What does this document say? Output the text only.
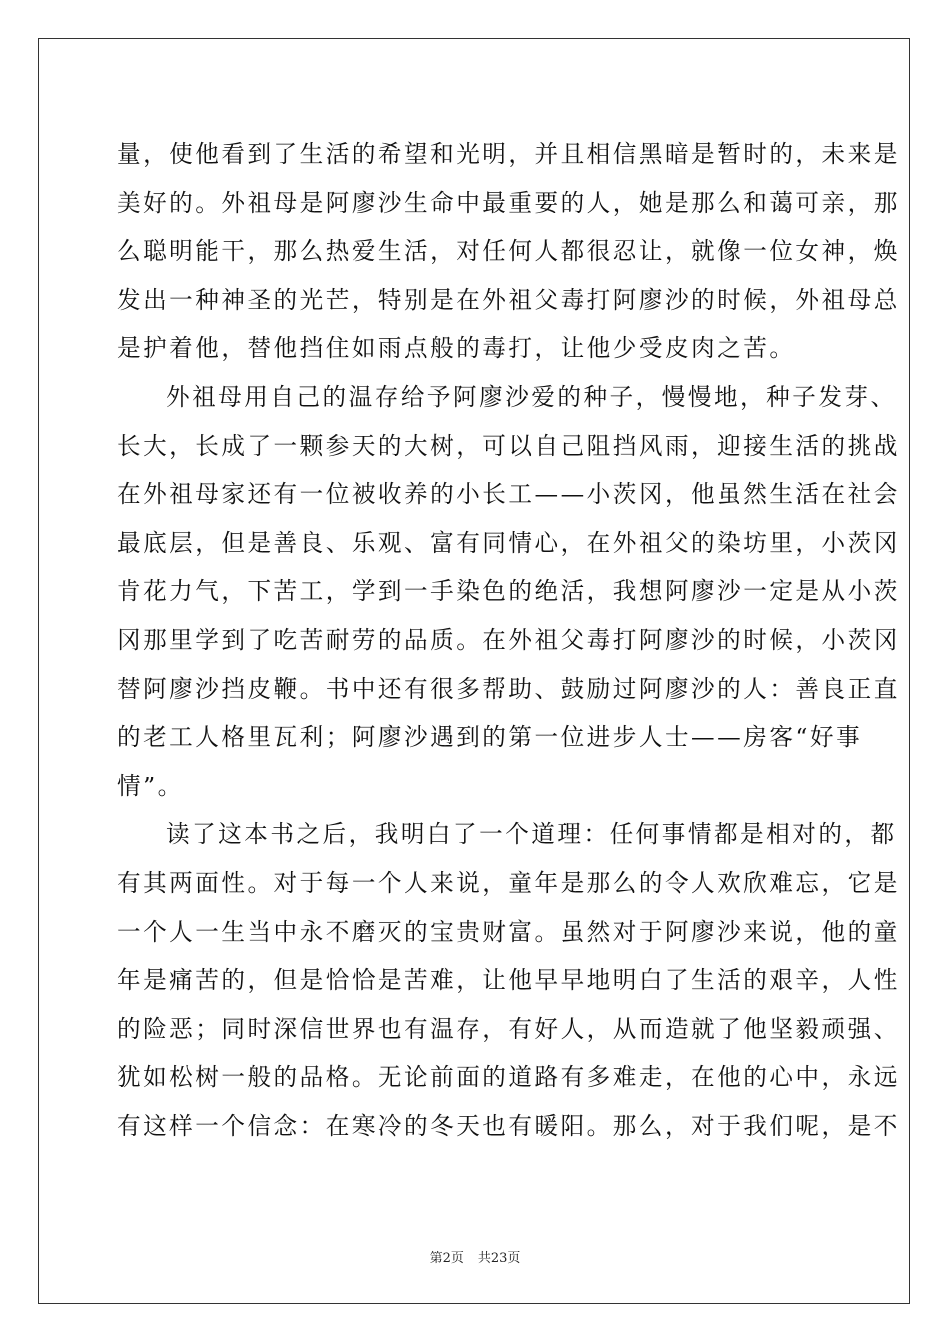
量，使他看到了生活的希望和光明，并且相信黑暗是暂时的，未来是
美好的。外祖母是阿廖沙生命中最重要的人，她是那么和蔼可亲，那
么聪明能干，那么热爱生活，对任何人都很忍让，就像一位女神，焕
发出一种神圣的光芒，特别是在外祖父毒打阿廖沙的时候，外祖母总
是护着他，替他挡住如雨点般的毒打，让他少受皮肉之苦。
外祖母用自己的温存给予阿廖沙爱的种子，慢慢地，种子发芽、
长大，长成了一颗参天的大树，可以自己阻挡风雨，迎接生活的挑战
在外祖母家还有一位被收养的小长工——小茨冈，他虽然生活在社会
最底层，但是善良、乐观、富有同情心，在外祖父的染坊里，小茨冈
肯花力气，下苦工，学到一手染色的绝活，我想阿廖沙一定是从小茨
冈那里学到了吃苦耐劳的品质。在外祖父毒打阿廖沙的时候，小茨冈
替阿廖沙挡皮鞭。书中还有很多帮助、鼓励过阿廖沙的人：善良正直
的老工人格里瓦利；阿廖沙遇到的第一位进步人士——房客“好事
情”。
读了这本书之后，我明白了一个道理：任何事情都是相对的，都
有其两面性。对于每一个人来说，童年是那么的令人欢欣难忘，它是
一个人一生当中永不磨灭的宝贵财富。虽然对于阿廖沙来说，他的童
年是痛苦的，但是恰恰是苦难，让他早早地明白了生活的艰辛，人性
的险恶；同时深信世界也有温存，有好人，从而造就了他坚毅顽强、
犹如松树一般的品格。无论前面的道路有多难走，在他的心中，永远
有这样一个信念：在寒冷的冬天也有暖阳。那么，对于我们呢，是不
第2页 共23页
